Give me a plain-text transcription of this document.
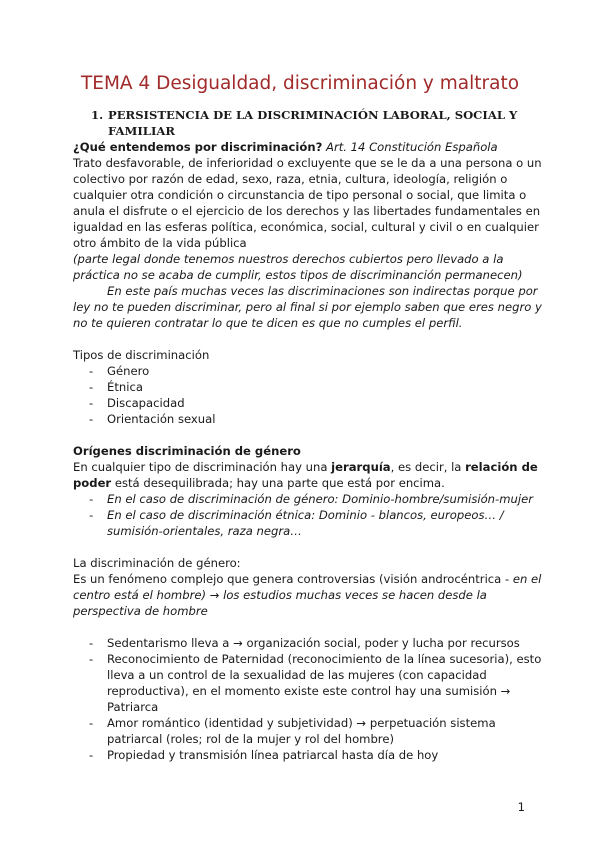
TEMA 4 Desigualdad, discriminación y maltrato
1. PERSISTENCIA DE LA DISCRIMINACIÓN LABORAL, SOCIAL Y
FAMILIAR
¿Qué entendemos por discriminación? Art. 14 Constitución Española
Trato desfavorable, de inferioridad o excluyente que se le da a una persona o un
colectivo por razón de edad, sexo, raza, etnia, cultura, ideología, religión o
cualquier otra condición o circunstancia de tipo personal o social, que limita o
anula el disfrute o el ejercicio de los derechos y las libertades fundamentales en
igualdad en las esferas política, económica, social, cultural y civil o en cualquier
otro ámbito de la vida pública
(parte legal donde tenemos nuestros derechos cubiertos pero llevado a la
práctica no se acaba de cumplir, estos tipos de discriminanción permanecen)
En este país muchas veces las discriminaciones son indirectas porque por
ley no te pueden discriminar, pero al final si por ejemplo saben que eres negro y
no te quieren contratar lo que te dicen es que no cumples el perfil.
Tipos de discriminación
- Género
- Étnica
- Discapacidad
- Orientación sexual
Orígenes discriminación de género
En cualquier tipo de discriminación hay una jerarquía, es decir, la relación de
poder está desequilibrada; hay una parte que está por encima.
- En el caso de discriminación de género: Dominio-hombre/sumisión-mujer
- En el caso de discriminación étnica: Dominio - blancos, europeos… /
sumisión-orientales, raza negra…
La discriminación de género:
Es un fenómeno complejo que genera controversias (visión androcéntrica - en el
centro está el hombre) → los estudios muchas veces se hacen desde la
perspectiva de hombre
- Sedentarismo lleva a → organización social, poder y lucha por recursos
- Reconocimiento de Paternidad (reconocimiento de la línea sucesoria), esto
lleva a un control de la sexualidad de las mujeres (con capacidad
reproductiva), en el momento existe este control hay una sumisión →
Patriarca
- Amor romántico (identidad y subjetividad) → perpetuación sistema
patriarcal (roles; rol de la mujer y rol del hombre)
- Propiedad y transmisión línea patriarcal hasta día de hoy
1
